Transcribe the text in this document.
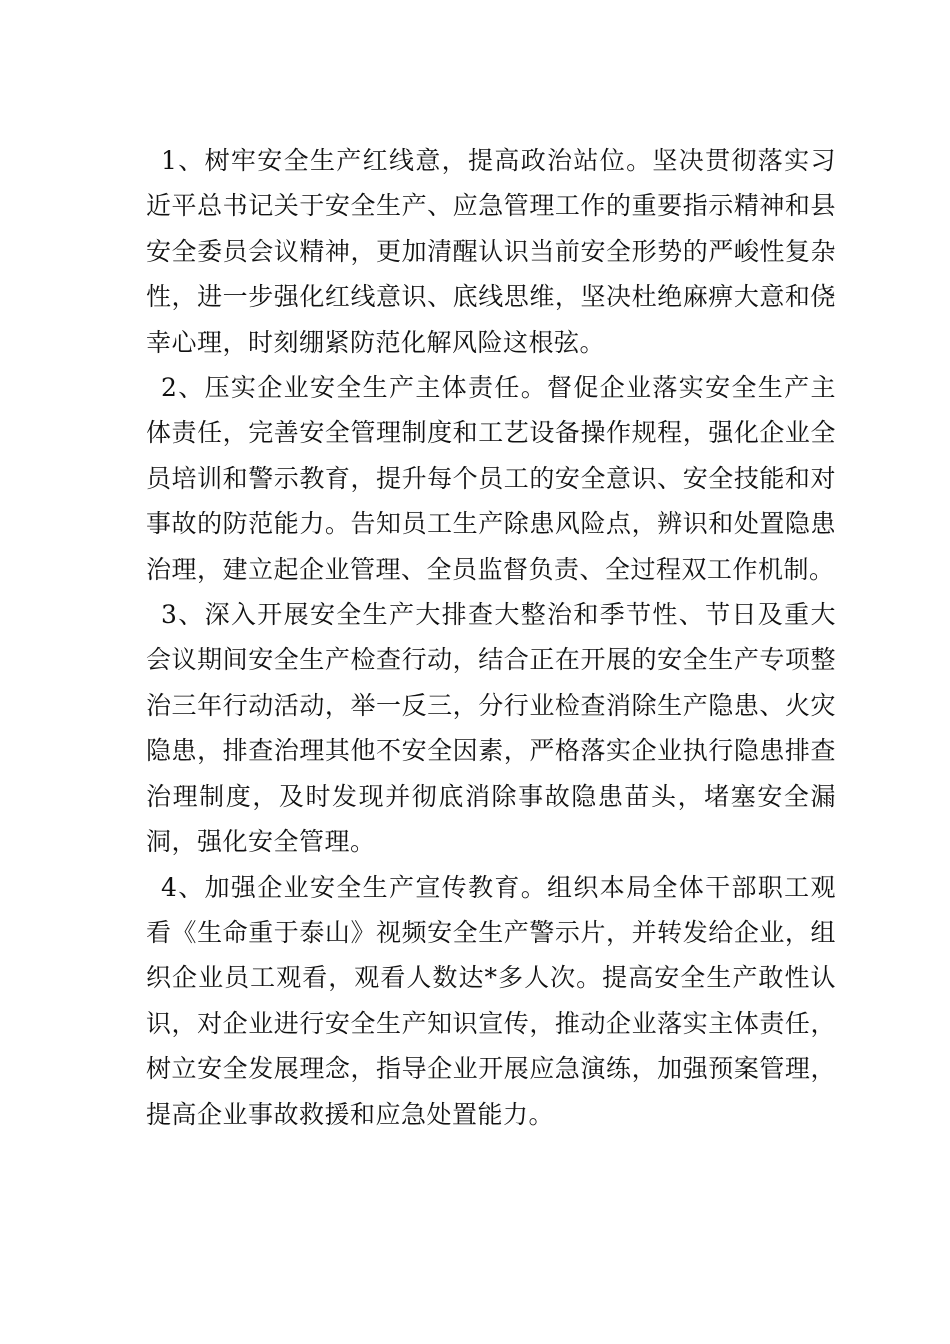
1、树牢安全生产红线意，提高政治站位。坚决贯彻落实习近平总书记关于安全生产、应急管理工作的重要指示精神和县安全委员会议精神，更加清醒认识当前安全形势的严峻性复杂性，进一步强化红线意识、底线思维，坚决杜绝麻痹大意和侥幸心理，时刻绷紧防范化解风险这根弦。

2、压实企业安全生产主体责任。督促企业落实安全生产主体责任，完善安全管理制度和工艺设备操作规程，强化企业全员培训和警示教育，提升每个员工的安全意识、安全技能和对事故的防范能力。告知员工生产除患风险点，辨识和处置隐患治理，建立起企业管理、全员监督负责、全过程双工作机制。

3、深入开展安全生产大排查大整治和季节性、节日及重大会议期间安全生产检查行动，结合正在开展的安全生产专项整治三年行动活动，举一反三，分行业检查消除生产隐患、火灾隐患，排查治理其他不安全因素，严格落实企业执行隐患排查治理制度，及时发现并彻底消除事故隐患苗头，堵塞安全漏洞，强化安全管理。

4、加强企业安全生产宣传教育。组织本局全体干部职工观看《生命重于泰山》视频安全生产警示片，并转发给企业，组织企业员工观看，观看人数达*多人次。提高安全生产敢性认识，对企业进行安全生产知识宣传，推动企业落实主体责任，树立安全发展理念，指导企业开展应急演练，加强预案管理，提高企业事故救援和应急处置能力。
